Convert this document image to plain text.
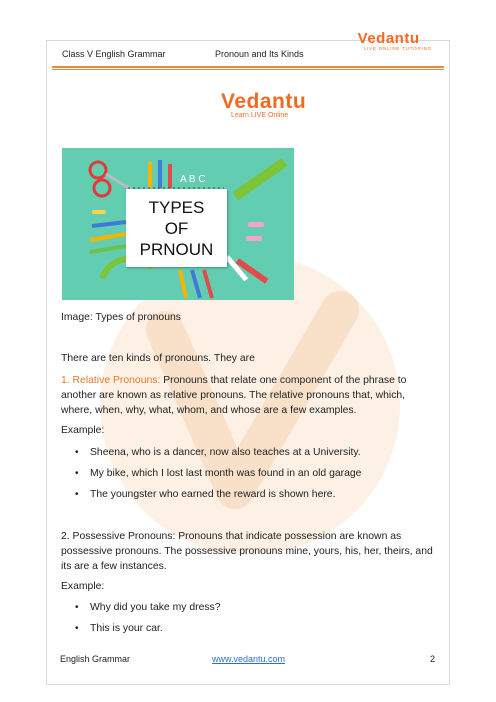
Class V English Grammar	Pronoun and Its Kinds
Vedantu
LIVE ONLINE TUTORING
Vedantu
Learn LIVE Online
A B C
TYPES
OF
PRNOUN
Image: Types of pronouns
There are ten kinds of pronouns. They are
1. Relative Pronouns: Pronouns that relate one component of the phrase to
another are known as relative pronouns. The relative pronouns that, which,
where, when, why, what, whom, and whose are a few examples.
Example:
• Sheena, who is a dancer, now also teaches at a University.
• My bike, which I lost last month was found in an old garage
• The youngster who earned the reward is shown here.
2. Possessive Pronouns: Pronouns that indicate possession are known as
possessive pronouns. The possessive pronouns mine, yours, his, her, theirs, and
its are a few instances.
Example:
• Why did you take my dress?
• This is your car.
English Grammar	www.vedantu.com	2
